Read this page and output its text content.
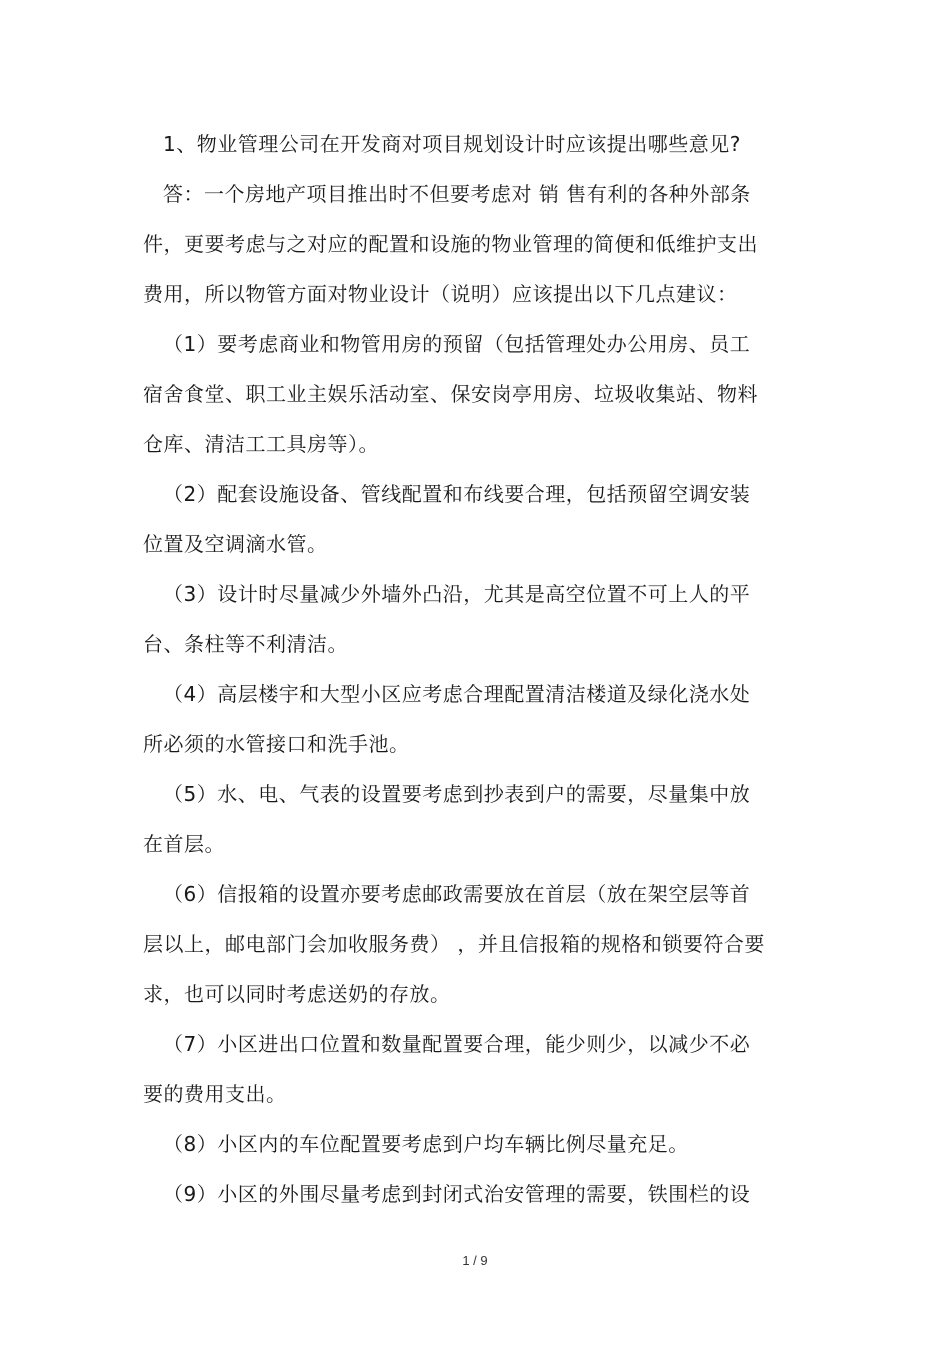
1、物业管理公司在开发商对项目规划设计时应该提出哪些意见?
答：一个房地产项目推出时不但要考虑对 销 售有利的各种外部条
件，更要考虑与之对应的配置和设施的物业管理的简便和低维护支出
费用，所以物管方面对物业设计（说明）应该提出以下几点建议：
（1）要考虑商业和物管用房的预留（包括管理处办公用房、员工
宿舍食堂、职工业主娱乐活动室、保安岗亭用房、垃圾收集站、物料
仓库、清洁工工具房等）。
（2）配套设施设备、管线配置和布线要合理，包括预留空调安装
位置及空调滴水管。
（3）设计时尽量减少外墙外凸沿，尤其是高空位置不可上人的平
台、条柱等不利清洁。
（4）高层楼宇和大型小区应考虑合理配置清洁楼道及绿化浇水处
所必须的水管接口和洗手池。
（5）水、电、气表的设置要考虑到抄表到户的需要，尽量集中放
在首层。
（6）信报箱的设置亦要考虑邮政需要放在首层（放在架空层等首
层以上，邮电部门会加收服务费） ，并且信报箱的规格和锁要符合要
求，也可以同时考虑送奶的存放。
（7）小区进出口位置和数量配置要合理，能少则少，以减少不必
要的费用支出。
（8）小区内的车位配置要考虑到户均车辆比例尽量充足。
（9）小区的外围尽量考虑到封闭式治安管理的需要，铁围栏的设
1 / 9
